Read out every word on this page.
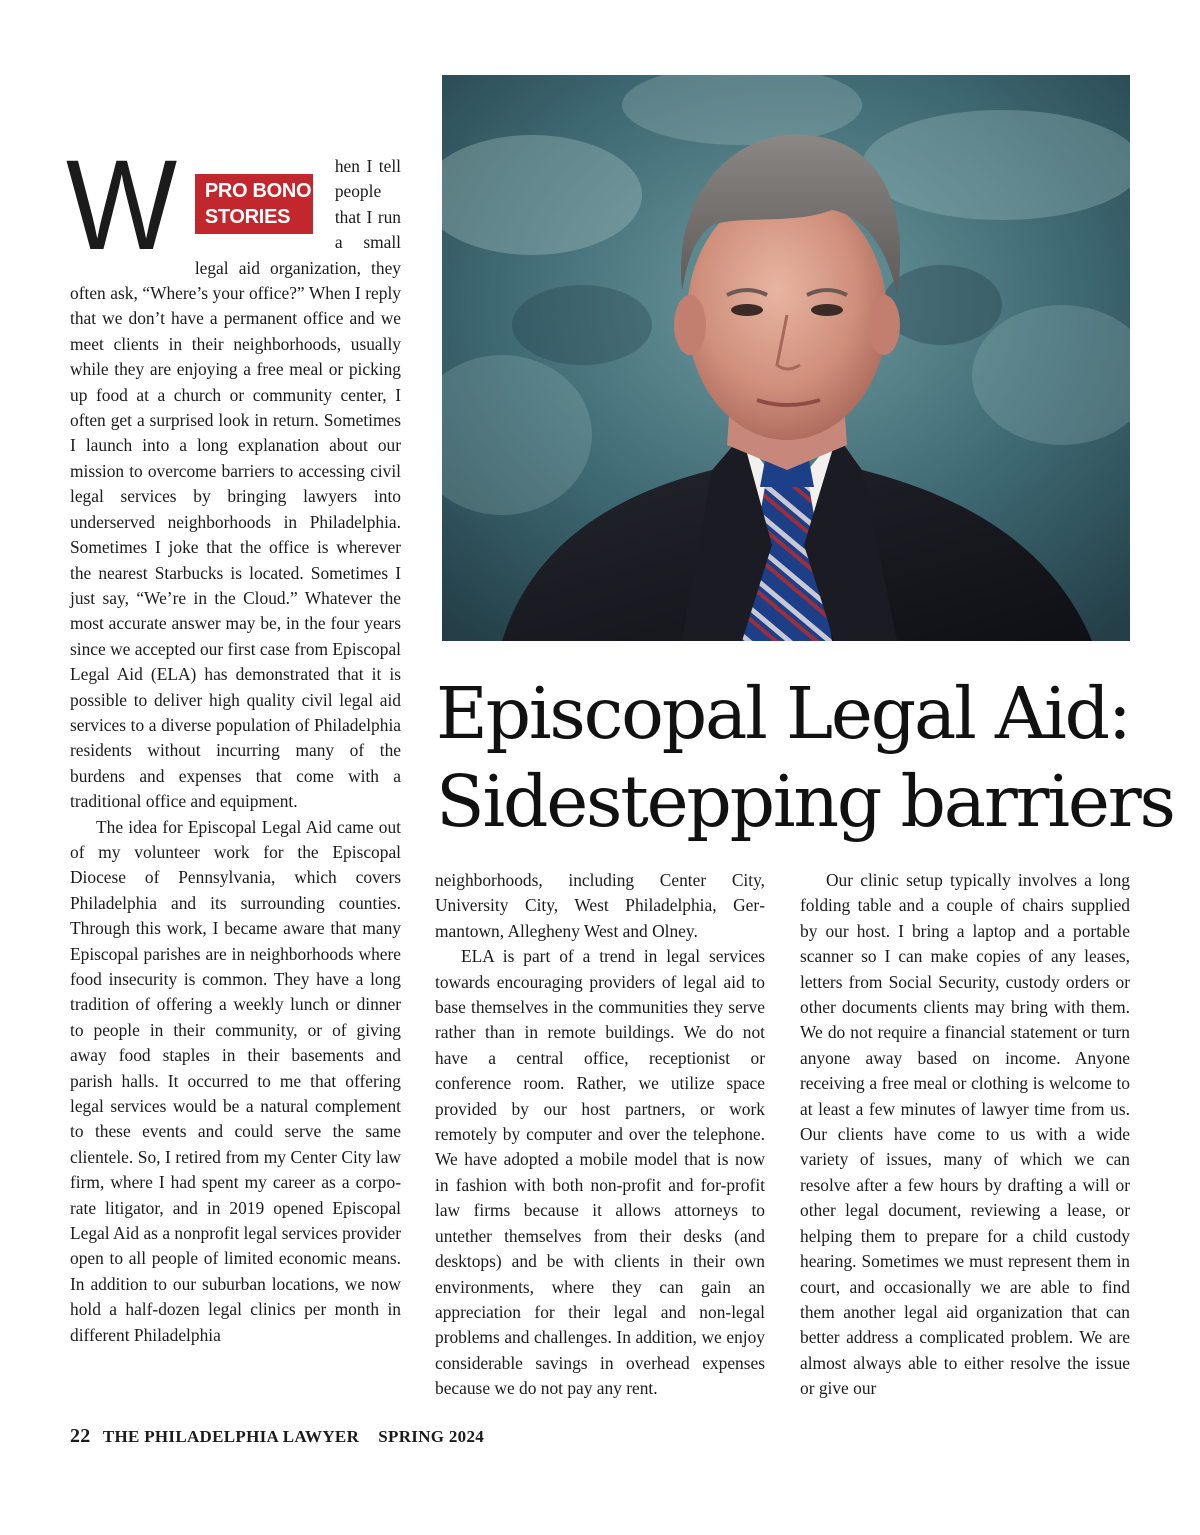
W PRO BONO
STORIES

hen I tell people that I run a small legal aid organization, they often ask, “Where’s your office?” When I reply that we don’t have a permanent office and we meet clients in their neighborhoods, usually while they are enjoying a free meal or picking up food at a church or community center, I often get a surprised look in return. Sometimes I launch into a long explanation about our mission to overcome barriers to accessing civil legal services by bringing lawyers into underserved neighborhoods in Philadelphia. Sometimes I joke that the office is wherever the nearest Starbucks is located. Sometimes I just say, “We’re in the Cloud.” Whatever the most accurate answer may be, in the four years since we accepted our first case from Episcopal Legal Aid (ELA) has demonstrated that it is possible to deliver high quality civil legal aid services to a diverse population of Philadelphia residents without incurring many of the burdens and expenses that come with a traditional office and equipment.

The idea for Episcopal Legal Aid came out of my volunteer work for the Episcopal Diocese of Pennsylvania, which covers Philadelphia and its surrounding counties. Through this work, I became aware that many Episcopal parishes are in neighborhoods where food insecurity is common. They have a long tradition of offering a weekly lunch or dinner to people in their community, or of giving away food staples in their basements and parish halls. It occurred to me that offering legal services would be a natural complement to these events and could serve the same clientele. So, I retired from my Center City law firm, where I had spent my career as a corporate litigator, and in 2019 opened Episcopal Legal Aid as a nonprofit legal services provider open to all people of limited economic means. In addition to our suburban locations, we now hold a half-dozen legal clinics per month in different Philadelphia

Episcopal Legal Aid:
Sidestepping barriers

neighborhoods, including Center City, University City, West Philadelphia, Germantown, Allegheny West and Olney.

ELA is part of a trend in legal services towards encouraging providers of legal aid to base themselves in the communities they serve rather than in remote buildings. We do not have a central office, receptionist or conference room. Rather, we utilize space provided by our host partners, or work remotely by computer and over the telephone. We have adopted a mobile model that is now in fashion with both non-profit and for-profit law firms because it allows attorneys to untether themselves from their desks (and desktops) and be with clients in their own environments, where they can gain an appreciation for their legal and non-legal problems and challenges. In addition, we enjoy considerable savings in overhead expenses because we do not pay any rent.

Our clinic setup typically involves a long folding table and a couple of chairs supplied by our host. I bring a laptop and a portable scanner so I can make copies of any leases, letters from Social Security, custody orders or other documents clients may bring with them. We do not require a financial statement or turn anyone away based on income. Anyone receiving a free meal or clothing is welcome to at least a few minutes of lawyer time from us. Our clients have come to us with a wide variety of issues, many of which we can resolve after a few hours by drafting a will or other legal document, reviewing a lease, or helping them to prepare for a child custody hearing. Sometimes we must represent them in court, and occasionally we are able to find them another legal aid organization that can better address a complicated problem. We are almost always able to either resolve the issue or give our

22 THE PHILADELPHIA LAWYER SPRING 2024
